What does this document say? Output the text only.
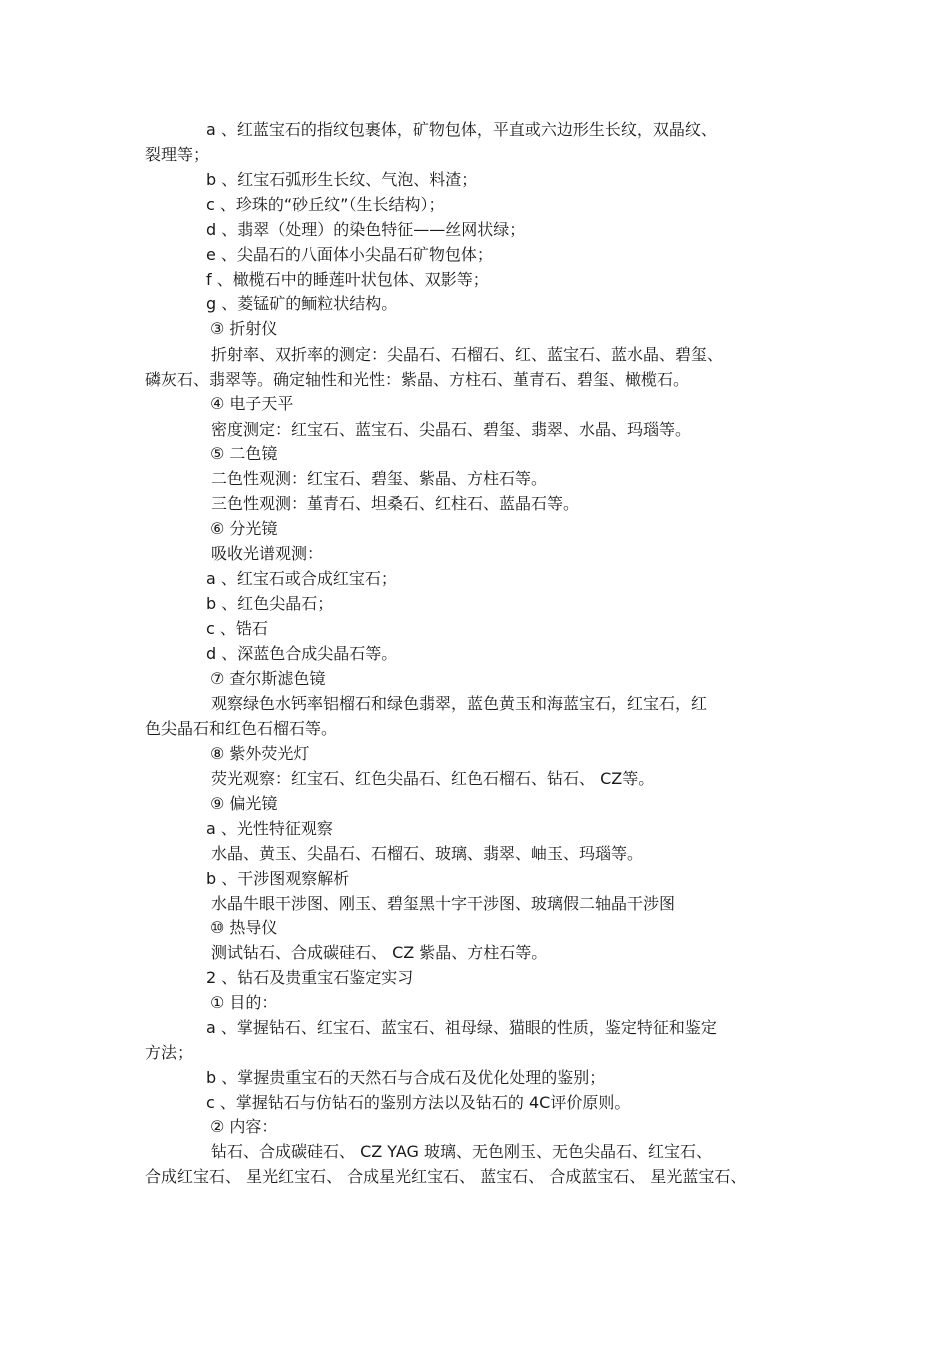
a 、红蓝宝石的指纹包裹体，矿物包体，平直或六边形生长纹，双晶纹、
裂理等；
b 、红宝石弧形生长纹、气泡、料渣；
c 、珍珠的“砂丘纹”（生长结构）；
d 、翡翠（处理）的染色特征——丝网状绿；
e 、尖晶石的八面体小尖晶石矿物包体；
f 、橄榄石中的睡莲叶状包体、双影等；
g 、菱锰矿的鲕粒状结构。
③ 折射仪
折射率、双折率的测定：尖晶石、石榴石、红、蓝宝石、蓝水晶、碧玺、
磷灰石、翡翠等。确定轴性和光性：紫晶、方柱石、堇青石、碧玺、橄榄石。
④ 电子天平
密度测定：红宝石、蓝宝石、尖晶石、碧玺、翡翠、水晶、玛瑙等。
⑤ 二色镜
二色性观测：红宝石、碧玺、紫晶、方柱石等。
三色性观测：堇青石、坦桑石、红柱石、蓝晶石等。
⑥ 分光镜
吸收光谱观测：
a 、红宝石或合成红宝石；
b 、红色尖晶石；
c 、锆石
d 、深蓝色合成尖晶石等。
⑦ 查尔斯滤色镜
观察绿色水钙率铝榴石和绿色翡翠，蓝色黄玉和海蓝宝石，红宝石，红
色尖晶石和红色石榴石等。
⑧ 紫外荧光灯
荧光观察：红宝石、红色尖晶石、红色石榴石、钻石、 CZ等。
⑨ 偏光镜
a 、光性特征观察
水晶、黄玉、尖晶石、石榴石、玻璃、翡翠、岫玉、玛瑙等。
b 、干涉图观察解析
水晶牛眼干涉图、刚玉、碧玺黑十字干涉图、玻璃假二轴晶干涉图
⑩ 热导仪
测试钻石、合成碳硅石、 CZ 紫晶、方柱石等。
2 、钻石及贵重宝石鉴定实习
① 目的：
a 、掌握钻石、红宝石、蓝宝石、祖母绿、猫眼的性质，鉴定特征和鉴定
方法；
b 、掌握贵重宝石的天然石与合成石及优化处理的鉴别；
c 、掌握钻石与仿钻石的鉴别方法以及钻石的 4C评价原则。
② 内容：
钻石、合成碳硅石、 CZ YAG 玻璃、无色刚玉、无色尖晶石、红宝石、
合成红宝石、 星光红宝石、 合成星光红宝石、 蓝宝石、 合成蓝宝石、 星光蓝宝石、
